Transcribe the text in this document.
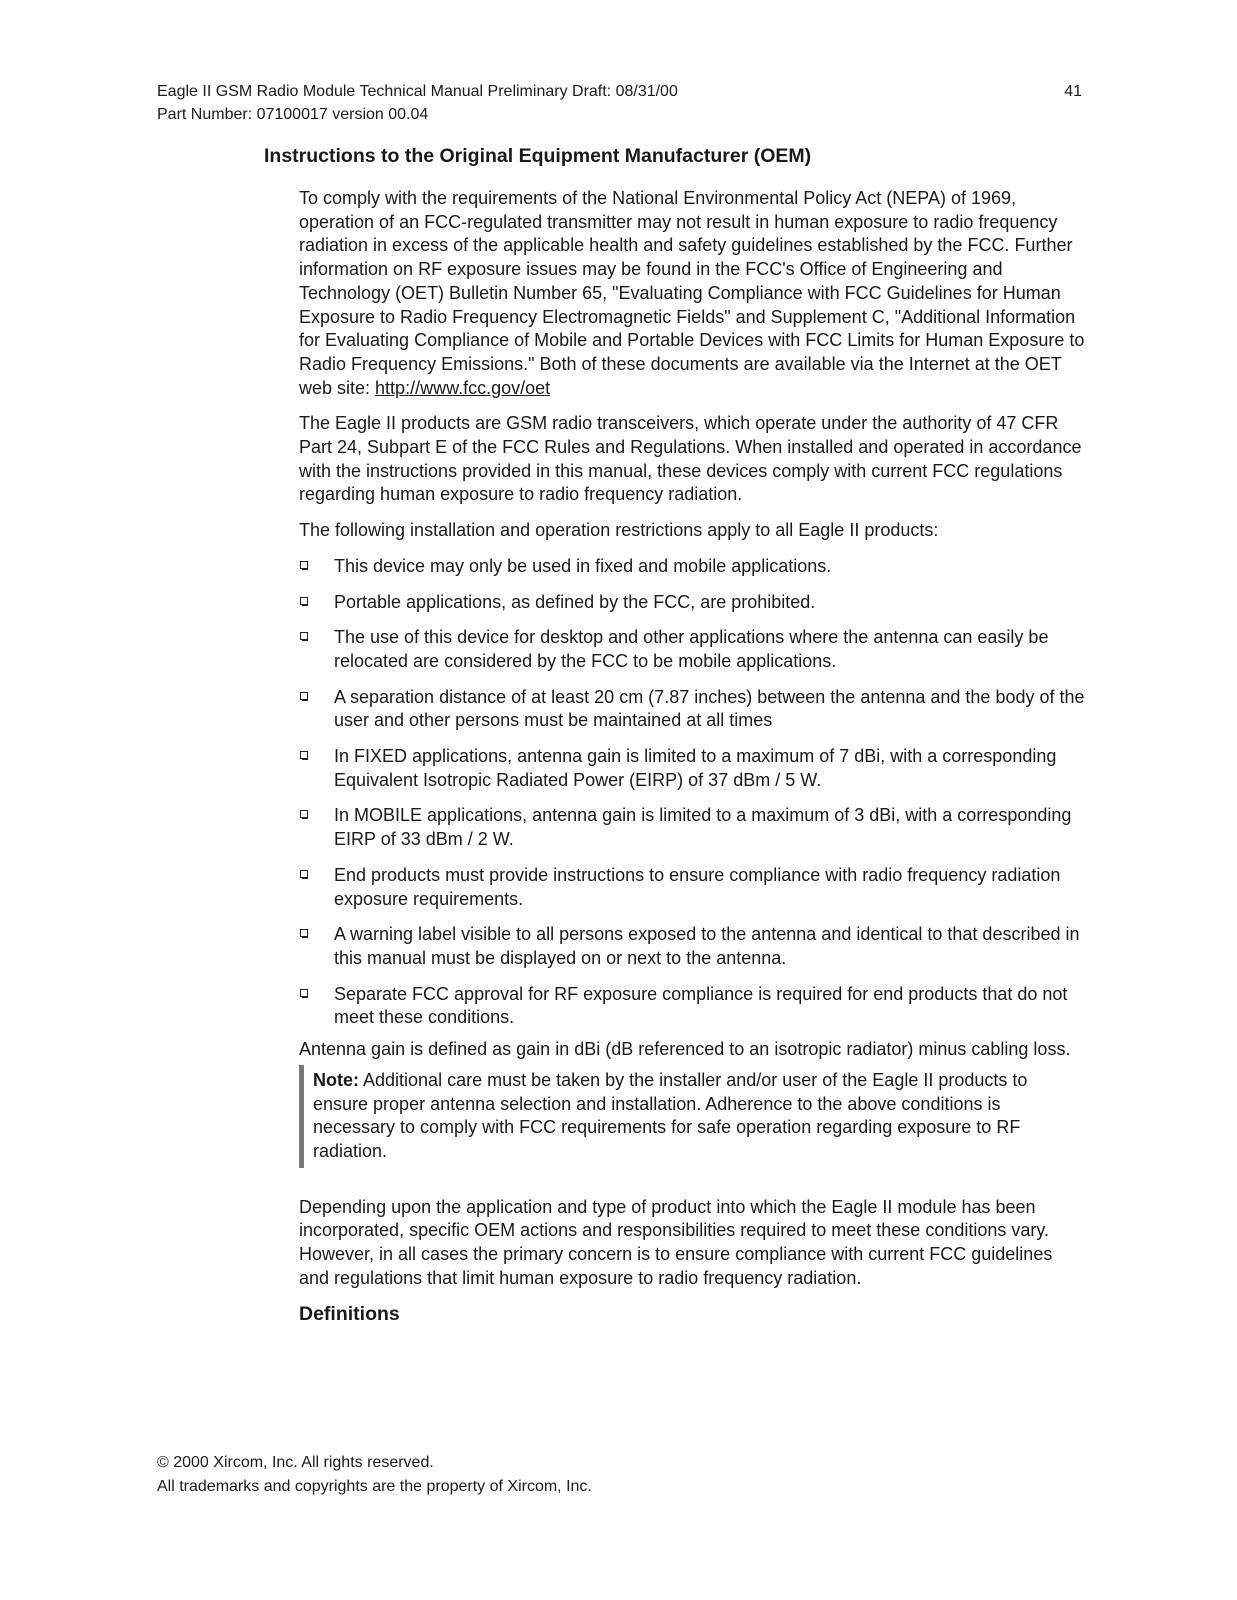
Eagle II GSM Radio Module Technical Manual Preliminary Draft: 08/31/00
Part Number: 07100017 version 00.04
41
Instructions to the Original Equipment Manufacturer (OEM)

To comply with the requirements of the National Environmental Policy Act (NEPA) of 1969, operation of an FCC-regulated transmitter may not result in human exposure to radio frequency radiation in excess of the applicable health and safety guidelines established by the FCC. Further information on RF exposure issues may be found in the FCC's Office of Engineering and Technology (OET) Bulletin Number 65, "Evaluating Compliance with FCC Guidelines for Human Exposure to Radio Frequency Electromagnetic Fields" and Supplement C, "Additional Information for Evaluating Compliance of Mobile and Portable Devices with FCC Limits for Human Exposure to Radio Frequency Emissions." Both of these documents are available via the Internet at the OET web site: http://www.fcc.gov/oet

The Eagle II products are GSM radio transceivers, which operate under the authority of 47 CFR Part 24, Subpart E of the FCC Rules and Regulations. When installed and operated in accordance with the instructions provided in this manual, these devices comply with current FCC regulations regarding human exposure to radio frequency radiation.

The following installation and operation restrictions apply to all Eagle II products:

This device may only be used in fixed and mobile applications.
Portable applications, as defined by the FCC, are prohibited.
The use of this device for desktop and other applications where the antenna can easily be relocated are considered by the FCC to be mobile applications.
A separation distance of at least 20 cm (7.87 inches) between the antenna and the body of the user and other persons must be maintained at all times
In FIXED applications, antenna gain is limited to a maximum of 7 dBi, with a corresponding Equivalent Isotropic Radiated Power (EIRP) of 37 dBm / 5 W.
In MOBILE applications, antenna gain is limited to a maximum of 3 dBi, with a corresponding EIRP of 33 dBm / 2 W.
End products must provide instructions to ensure compliance with radio frequency radiation exposure requirements.
A warning label visible to all persons exposed to the antenna and identical to that described in this manual must be displayed on or next to the antenna.
Separate FCC approval for RF exposure compliance is required for end products that do not meet these conditions.

Antenna gain is defined as gain in dBi (dB referenced to an isotropic radiator) minus cabling loss.

Note: Additional care must be taken by the installer and/or user of the Eagle II products to ensure proper antenna selection and installation. Adherence to the above conditions is necessary to comply with FCC requirements for safe operation regarding exposure to RF radiation.

Depending upon the application and type of product into which the Eagle II module has been incorporated, specific OEM actions and responsibilities required to meet these conditions vary. However, in all cases the primary concern is to ensure compliance with current FCC guidelines and regulations that limit human exposure to radio frequency radiation.

Definitions
© 2000 Xircom, Inc. All rights reserved.
All trademarks and copyrights are the property of Xircom, Inc.
